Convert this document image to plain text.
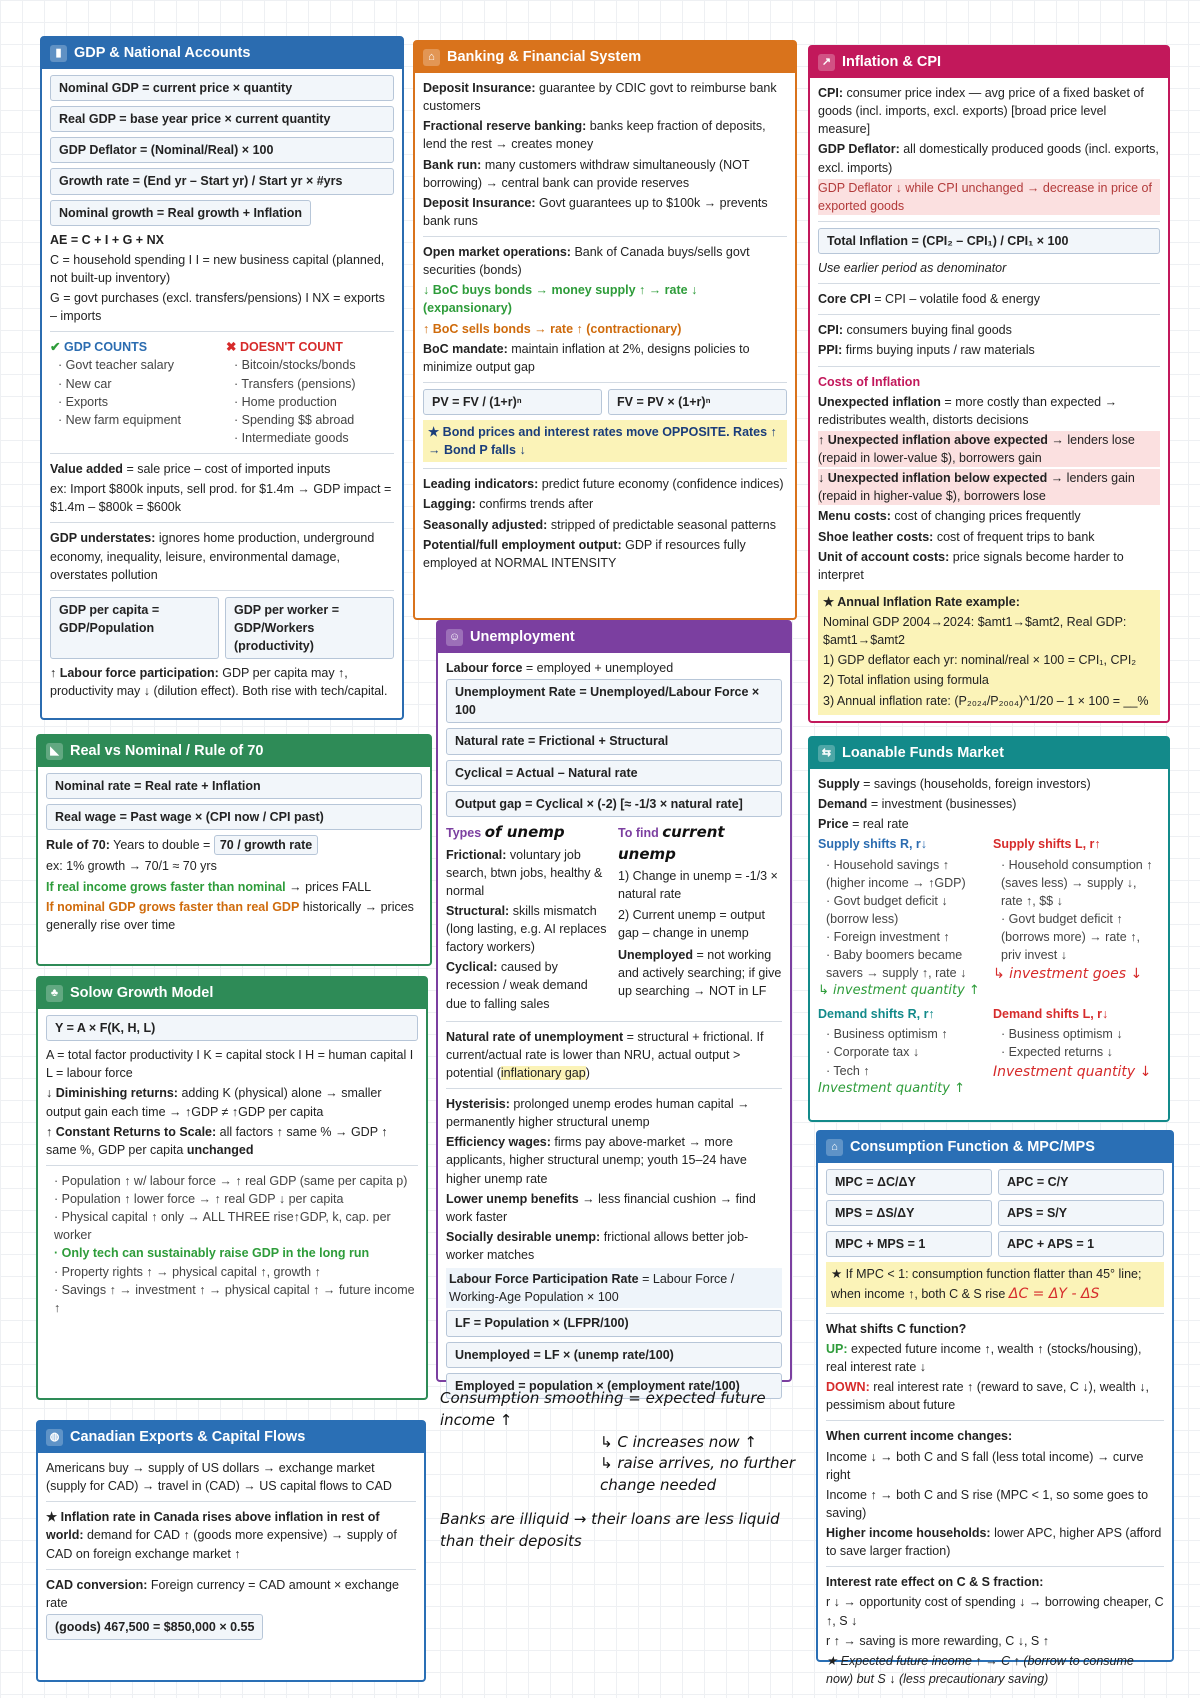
▮ GDP & National Accounts
Nominal GDP = current price × quantity
Real GDP = base year price × current quantity
GDP Deflator = (Nominal/Real) × 100
Growth rate = (End yr – Start yr) / Start yr × #yrs
Nominal growth = Real growth + Inflation

AE = C + I + G + NX

C = household spending I I = new business capital (planned, not built-up inventory)

G = govt purchases (excl. transfers/pensions) I NX = exports – imports

✔ GDP COUNTS
· Govt teacher salary
· New car
· Exports
· New farm equipment
✖ DOESN'T COUNT
· Bitcoin/stocks/bonds
· Transfers (pensions)
· Home production
· Spending $$ abroad
· Intermediate goods

Value added = sale price – cost of imported inputs

ex: Import $800k inputs, sell prod. for $1.4m → GDP impact = $1.4m – $800k = $600k

GDP understates: ignores home production, underground economy, inequality, leisure, environmental damage, overstates pollution

GDP per capita = GDP/Population
GDP per worker = GDP/Workers (productivity)

↑ Labour force participation: GDP per capita may ↑, productivity may ↓ (dilution effect). Both rise with tech/capital.

⌂ Banking & Financial System

Deposit Insurance: guarantee by CDIC govt to reimburse bank customers

Fractional reserve banking: banks keep fraction of deposits, lend the rest → creates money

Bank run: many customers withdraw simultaneously (NOT borrowing) → central bank can provide reserves

Deposit Insurance: Govt guarantees up to $100k → prevents bank runs

Open market operations: Bank of Canada buys/sells govt securities (bonds)

↓ BoC buys bonds → money supply ↑ → rate ↓ (expansionary)

↑ BoC sells bonds → rate ↑ (contractionary)

BoC mandate: maintain inflation at 2%, designs policies to minimize output gap

PV = FV / (1+r)ⁿ	FV = PV × (1+r)ⁿ

★ Bond prices and interest rates move OPPOSITE. Rates ↑ → Bond P falls ↓

Leading indicators: predict future economy (confidence indices)

Lagging: confirms trends after

Seasonally adjusted: stripped of predictable seasonal patterns

Potential/full employment output: GDP if resources fully employed at NORMAL INTENSITY

↗ Inflation & CPI

CPI: consumer price index — avg price of a fixed basket of goods (incl. imports, excl. exports) [broad price level measure]

GDP Deflator: all domestically produced goods (incl. exports, excl. imports)

GDP Deflator ↓ while CPI unchanged → decrease in price of exported goods

Total Inflation = (CPI₂ – CPI₁) / CPI₁ × 100

Use earlier period as denominator

Core CPI = CPI – volatile food & energy

CPI: consumers buying final goods

PPI: firms buying inputs / raw materials

Costs of Inflation

Unexpected inflation = more costly than expected → redistributes wealth, distorts decisions

↑ Unexpected inflation above expected → lenders lose (repaid in lower-value $), borrowers gain

↓ Unexpected inflation below expected → lenders gain (repaid in higher-value $), borrowers lose

Menu costs: cost of changing prices frequently

Shoe leather costs: cost of frequent trips to bank

Unit of account costs: price signals become harder to interpret

★ Annual Inflation Rate example:

Nominal GDP 2004→2024: $amt1→$amt2, Real GDP: $amt1→$amt2

1) GDP deflator each yr: nominal/real × 100 = CPI₁, CPI₂

2) Total inflation using formula

3) Annual inflation rate: (P₂₀₂₄/P₂₀₀₄)^1/20 – 1 × 100 = __%

◣ Real vs Nominal / Rule of 70
Nominal rate = Real rate + Inflation
Real wage = Past wage × (CPI now / CPI past)

Rule of 70: Years to double = 70 / growth rate

ex: 1% growth → 70/1 ≈ 70 yrs

If real income grows faster than nominal → prices FALL

If nominal GDP grows faster than real GDP historically → prices generally rise over time

☺ Unemployment

Labour force = employed + unemployed

Unemployment Rate = Unemployed/Labour Force × 100
Natural rate = Frictional + Structural
Cyclical = Actual – Natural rate
Output gap = Cyclical × (-2) [≈ -1/3 × natural rate]

Types of unemp

Frictional: voluntary job search, btwn jobs, healthy & normal

Structural: skills mismatch (long lasting, e.g. AI replaces factory workers)

Cyclical: caused by recession / weak demand due to falling sales

To find current unemp

1) Change in unemp = -1/3 × natural rate

2) Current unemp = output gap – change in unemp

Unemployed = not working and actively searching; if give up searching → NOT in LF

Natural rate of unemployment = structural + frictional. If current/actual rate is lower than NRU, actual output > potential (inflationary gap)

Hysterisis: prolonged unemp erodes human capital → permanently higher structural unemp

Efficiency wages: firms pay above-market → more applicants, higher structural unemp; youth 15–24 have higher unemp rate

Lower unemp benefits → less financial cushion → find work faster

Socially desirable unemp: frictional allows better job-worker matches

Labour Force Participation Rate = Labour Force / Working-Age Population × 100

LF = Population × (LFPR/100)
Unemployed = LF × (unemp rate/100)
Employed = population × (employment rate/100)
♣ Solow Growth Model
Y = A × F(K, H, L)

A = total factor productivity I K = capital stock I H = human capital I L = labour force

↓ Diminishing returns: adding K (physical) alone → smaller output gain each time → ↑GDP ≠ ↑GDP per capita

↑ Constant Returns to Scale: all factors ↑ same % → GDP ↑ same %, GDP per capita unchanged

· Population ↑ w/ labour force → ↑ real GDP (same per capita p)
· Population ↑ lower force → ↑ real GDP ↓ per capita
· Physical capital ↑ only → ALL THREE rise↑GDP, k, cap. per worker
· Only tech can sustainably raise GDP in the long run
· Property rights ↑ → physical capital ↑, growth ↑
· Savings ↑ → investment ↑ → physical capital ↑ → future income ↑
◍ Canadian Exports & Capital Flows

Americans buy → supply of US dollars → exchange market (supply for CAD) → travel in (CAD) → US capital flows to CAD

★ Inflation rate in Canada rises above inflation in rest of world: demand for CAD ↑ (goods more expensive) → supply of CAD on foreign exchange market ↑

CAD conversion: Foreign currency = CAD amount × exchange rate

(goods) 467,500 = $850,000 × 0.55
Consumption smoothing = expected future income ↑
↳ C increases now ↑
↳ raise arrives, no further change needed
Banks are illiquid → their loans are less liquid than their deposits
⇆ Loanable Funds Market

Supply = savings (households, foreign investors)

Demand = investment (businesses)

Price = real rate

Supply shifts R, r↓

· Household savings ↑ (higher income → ↑GDP)
· Govt budget deficit ↓ (borrow less)
· Foreign investment ↑
· Baby boomers became savers → supply ↑, rate ↓
↳ investment quantity ↑

Supply shifts L, r↑

· Household consumption ↑ (saves less) → supply ↓, rate ↑, $$ ↓
· Govt budget deficit ↑ (borrows more) → rate ↑, priv invest ↓
↳ investment goes ↓

Demand shifts R, r↑

· Business optimism ↑
· Corporate tax ↓
· Tech ↑
Investment quantity ↑

Demand shifts L, r↓

· Business optimism ↓
· Expected returns ↓
Investment quantity ↓
⌂ Consumption Function & MPC/MPS
MPC = ΔC/ΔY	APC = C/Y
MPS = ΔS/ΔY	APS = S/Y
MPC + MPS = 1	APC + APS = 1

★ If MPC < 1: consumption function flatter than 45° line; when income ↑, both C & S rise ΔC = ΔY - ΔS

What shifts C function?

UP: expected future income ↑, wealth ↑ (stocks/housing), real interest rate ↓

DOWN: real interest rate ↑ (reward to save, C ↓), wealth ↓, pessimism about future

When current income changes:

Income ↓ → both C and S fall (less total income) → curve right

Income ↑ → both C and S rise (MPC < 1, so some goes to saving)

Higher income households: lower APC, higher APS (afford to save larger fraction)

Interest rate effect on C & S fraction:

r ↓ → opportunity cost of spending ↓ → borrowing cheaper, C ↑, S ↓

r ↑ → saving is more rewarding, C ↓, S ↑

★ Expected future income ↑ → C ↑ (borrow to consume now) but S ↓ (less precautionary saving)
